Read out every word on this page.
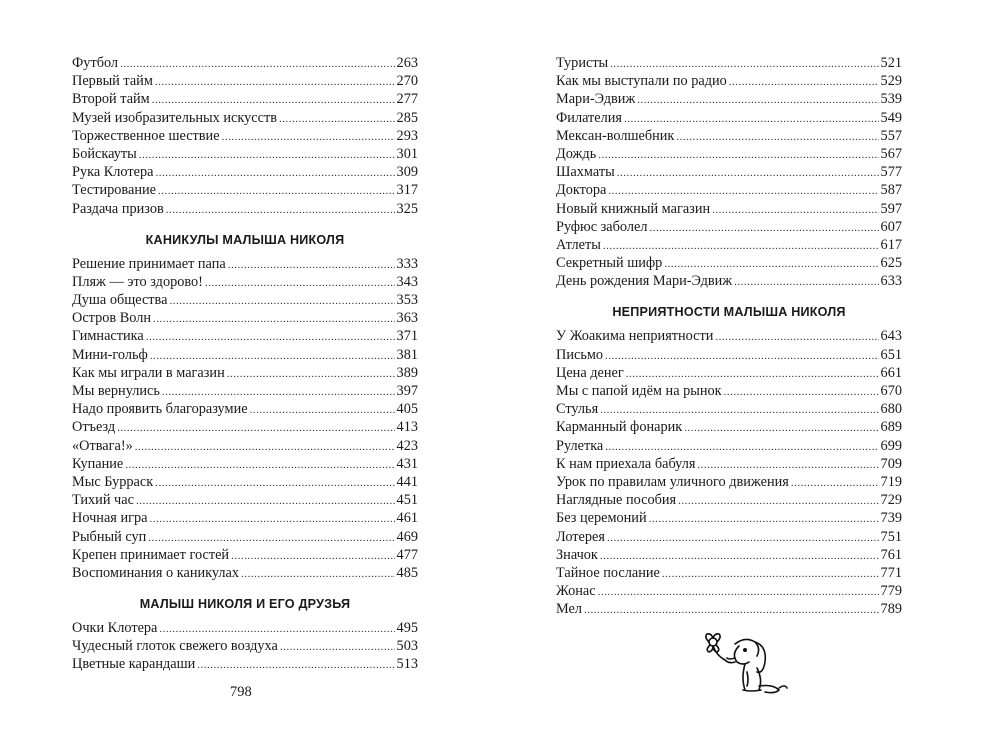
Футбол .....	263
Первый тайм .....	270
Второй тайм .....	277
Музей изобразительных искусств .....	285
Торжественное шествие .....	293
Бойскауты .....	301
Рука Клотера .....	309
Тестирование .....	317
Раздача призов .....	325
КАНИКУЛЫ МАЛЫША НИКОЛЯ
Решение принимает папа .....	333
Пляж — это здорово! .....	343
Душа общества .....	353
Остров Волн .....	363
Гимнастика .....	371
Мини-гольф .....	381
Как мы играли в магазин .....	389
Мы вернулись .....	397
Надо проявить благоразумие .....	405
Отъезд .....	413
«Отвага!» .....	423
Купание .....	431
Мыс Бурраск .....	441
Тихий час .....	451
Ночная игра .....	461
Рыбный суп .....	469
Крепен принимает гостей .....	477
Воспоминания о каникулах .....	485
МАЛЫШ НИКОЛЯ И ЕГО ДРУЗЬЯ
Очки Клотера .....	495
Чудесный глоток свежего воздуха .....	503
Цветные карандаши .....	513
798
Туристы .....	521
Как мы выступали по радио .....	529
Мари-Эдвиж .....	539
Филателия .....	549
Мексан-волшебник .....	557
Дождь .....	567
Шахматы .....	577
Доктора .....	587
Новый книжный магазин .....	597
Руфюс заболел .....	607
Атлеты .....	617
Секретный шифр .....	625
День рождения Мари-Эдвиж .....	633
НЕПРИЯТНОСТИ МАЛЫША НИКОЛЯ
У Жоакима неприятности .....	643
Письмо .....	651
Цена денег .....	661
Мы с папой идём на рынок .....	670
Стулья .....	680
Карманный фонарик .....	689
Рулетка .....	699
К нам приехала бабуля .....	709
Урок по правилам уличного движения .....	719
Наглядные пособия .....	729
Без церемоний .....	739
Лотерея .....	751
Значок .....	761
Тайное послание .....	771
Жонас .....	779
Мел .....	789
